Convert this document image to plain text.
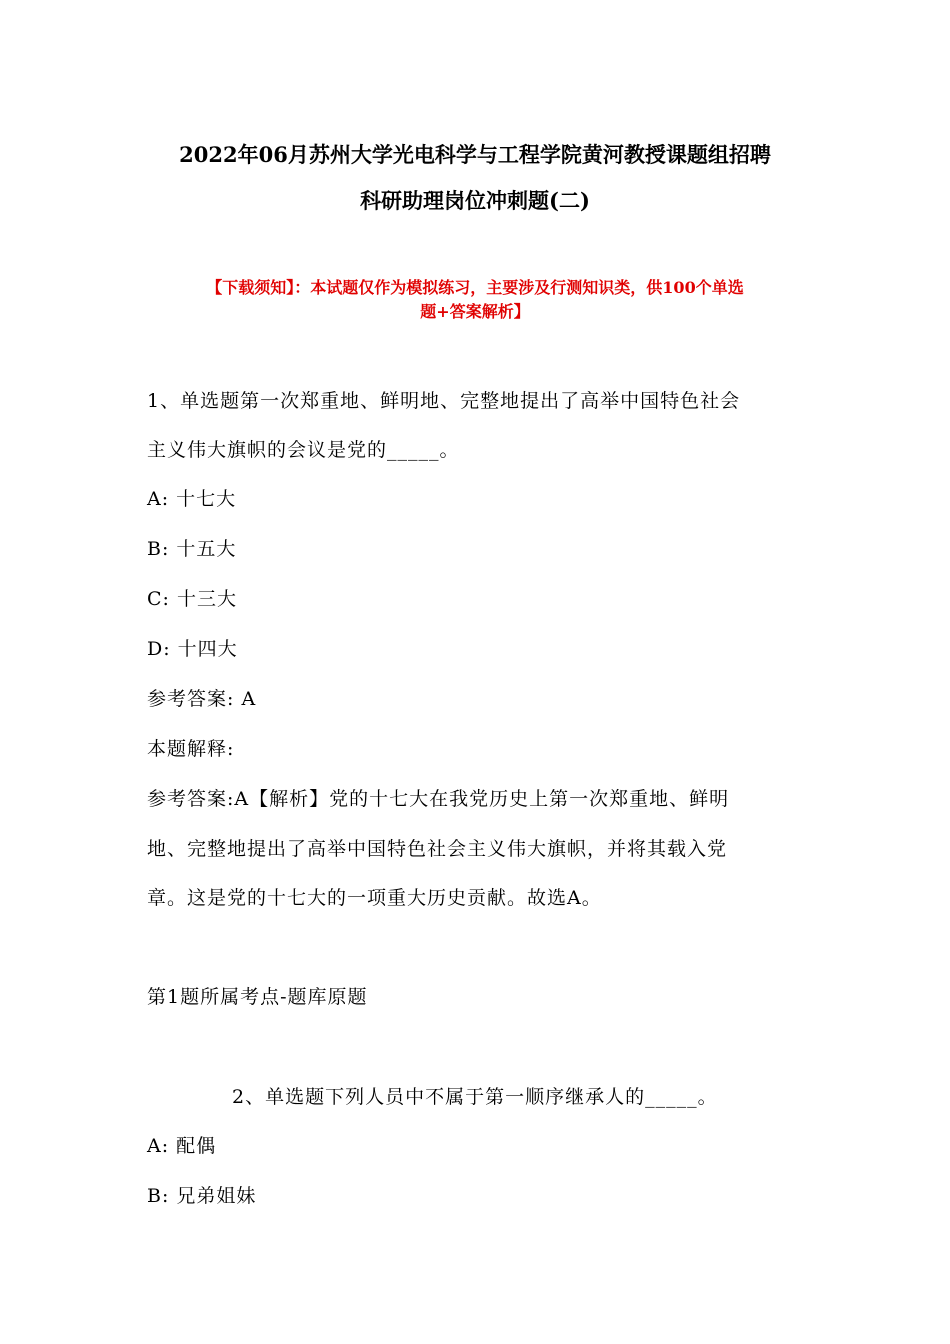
2022年06月苏州大学光电科学与工程学院黄河教授课题组招聘
科研助理岗位冲刺题(二)
【下载须知】：本试题仅作为模拟练习，主要涉及行测知识类，供100个单选
题+答案解析】
1、单选题第一次郑重地、鲜明地、完整地提出了高举中国特色社会
主义伟大旗帜的会议是党的_____。
A: 十七大
B: 十五大
C: 十三大
D: 十四大
参考答案: A
本题解释:
参考答案:A【解析】党的十七大在我党历史上第一次郑重地、鲜明
地、完整地提出了高举中国特色社会主义伟大旗帜，并将其载入党
章。这是党的十七大的一项重大历史贡献。故选A。
第1题所属考点-题库原题
2、单选题下列人员中不属于第一顺序继承人的_____。
A: 配偶
B: 兄弟姐妹
